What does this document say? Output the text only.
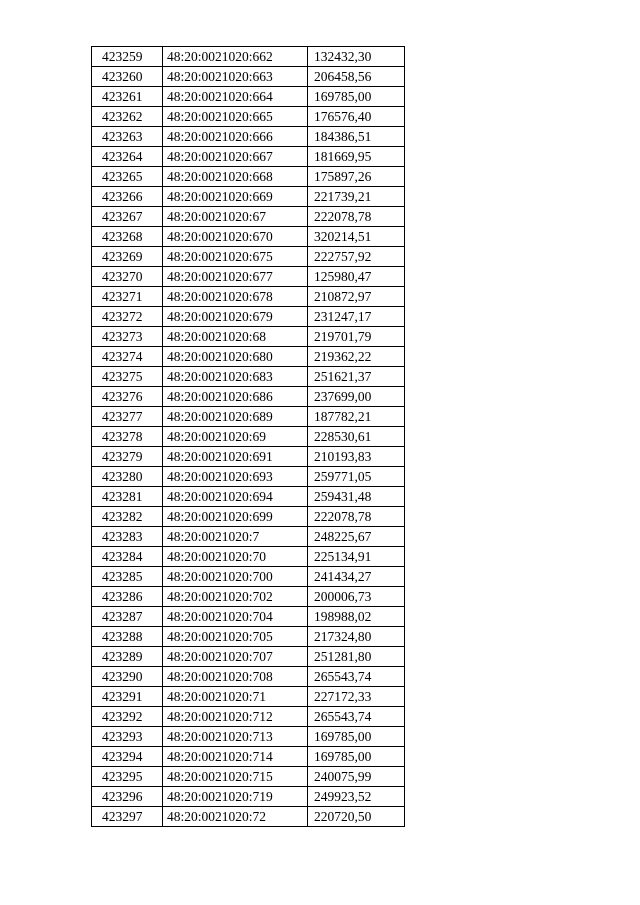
423259	48:20:0021020:662	132432,30
423260	48:20:0021020:663	206458,56
423261	48:20:0021020:664	169785,00
423262	48:20:0021020:665	176576,40
423263	48:20:0021020:666	184386,51
423264	48:20:0021020:667	181669,95
423265	48:20:0021020:668	175897,26
423266	48:20:0021020:669	221739,21
423267	48:20:0021020:67	222078,78
423268	48:20:0021020:670	320214,51
423269	48:20:0021020:675	222757,92
423270	48:20:0021020:677	125980,47
423271	48:20:0021020:678	210872,97
423272	48:20:0021020:679	231247,17
423273	48:20:0021020:68	219701,79
423274	48:20:0021020:680	219362,22
423275	48:20:0021020:683	251621,37
423276	48:20:0021020:686	237699,00
423277	48:20:0021020:689	187782,21
423278	48:20:0021020:69	228530,61
423279	48:20:0021020:691	210193,83
423280	48:20:0021020:693	259771,05
423281	48:20:0021020:694	259431,48
423282	48:20:0021020:699	222078,78
423283	48:20:0021020:7	248225,67
423284	48:20:0021020:70	225134,91
423285	48:20:0021020:700	241434,27
423286	48:20:0021020:702	200006,73
423287	48:20:0021020:704	198988,02
423288	48:20:0021020:705	217324,80
423289	48:20:0021020:707	251281,80
423290	48:20:0021020:708	265543,74
423291	48:20:0021020:71	227172,33
423292	48:20:0021020:712	265543,74
423293	48:20:0021020:713	169785,00
423294	48:20:0021020:714	169785,00
423295	48:20:0021020:715	240075,99
423296	48:20:0021020:719	249923,52
423297	48:20:0021020:72	220720,50
